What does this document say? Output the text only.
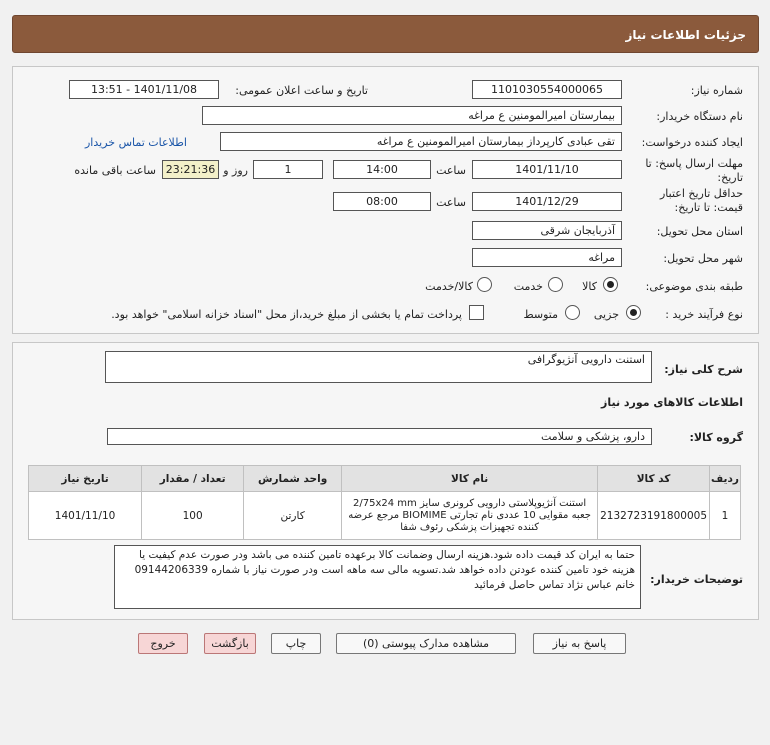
جزئیات اطلاعات نیاز
شماره نیاز:
1101030554000065
تاریخ و ساعت اعلان عمومی:
1401/11/08 - 13:51
نام دستگاه خریدار:
بیمارستان امیرالمومنین ع مراغه
ایجاد کننده درخواست:
تقی عبادی کارپرداز بیمارستان امیرالمومنین ع مراغه
اطلاعات تماس خریدار
مهلت ارسال پاسخ: تا
تاریخ:
1401/11/10
ساعت
14:00
1
روز و
23:21:36
ساعت باقی مانده
حداقل تاریخ اعتبار
قیمت: تا تاریخ:
1401/12/29
ساعت
08:00
استان محل تحویل:
آذربایجان شرقی
شهر محل تحویل:
مراغه
طبقه بندی موضوعی:
کالا
خدمت
کالا/خدمت
نوع فرآیند خرید :
جزیی
متوسط
پرداخت تمام یا بخشی از مبلغ خرید،از محل "اسناد خزانه اسلامی" خواهد بود.
شرح کلی نیاز:
استنت دارویی آنژیوگرافی
اطلاعات کالاهای مورد نیاز
گروه کالا:
دارو، پزشکی و سلامت
ردیف	کد کالا	نام کالا	واحد شمارش	تعداد / مقدار	تاریخ نیاز
1	2132723191800005	استنت آنژیوپلاستی دارویی کرونری سایز 2/75x24 mm جعبه مقوایی 10 عددی نام تجارتی BIOMIME مرجع عرضه کننده تجهیزات پزشکی رئوف شفا	کارتن	100	1401/11/10
توضیحات خریدار:
حتما به ایران کد قیمت داده شود.هزینه ارسال وضمانت کالا برعهده تامین کننده می باشد ودر صورت عدم کیفیت یا هزینه خود تامین کننده عودتن داده خواهد شد.تسویه مالی سه ماهه است ودر صورت نیاز با شماره 09144206339 خانم عباس نژاد تماس حاصل فرمائید
پاسخ به نیاز
مشاهده مدارک پیوستی (0)
چاپ
بازگشت
خروج
